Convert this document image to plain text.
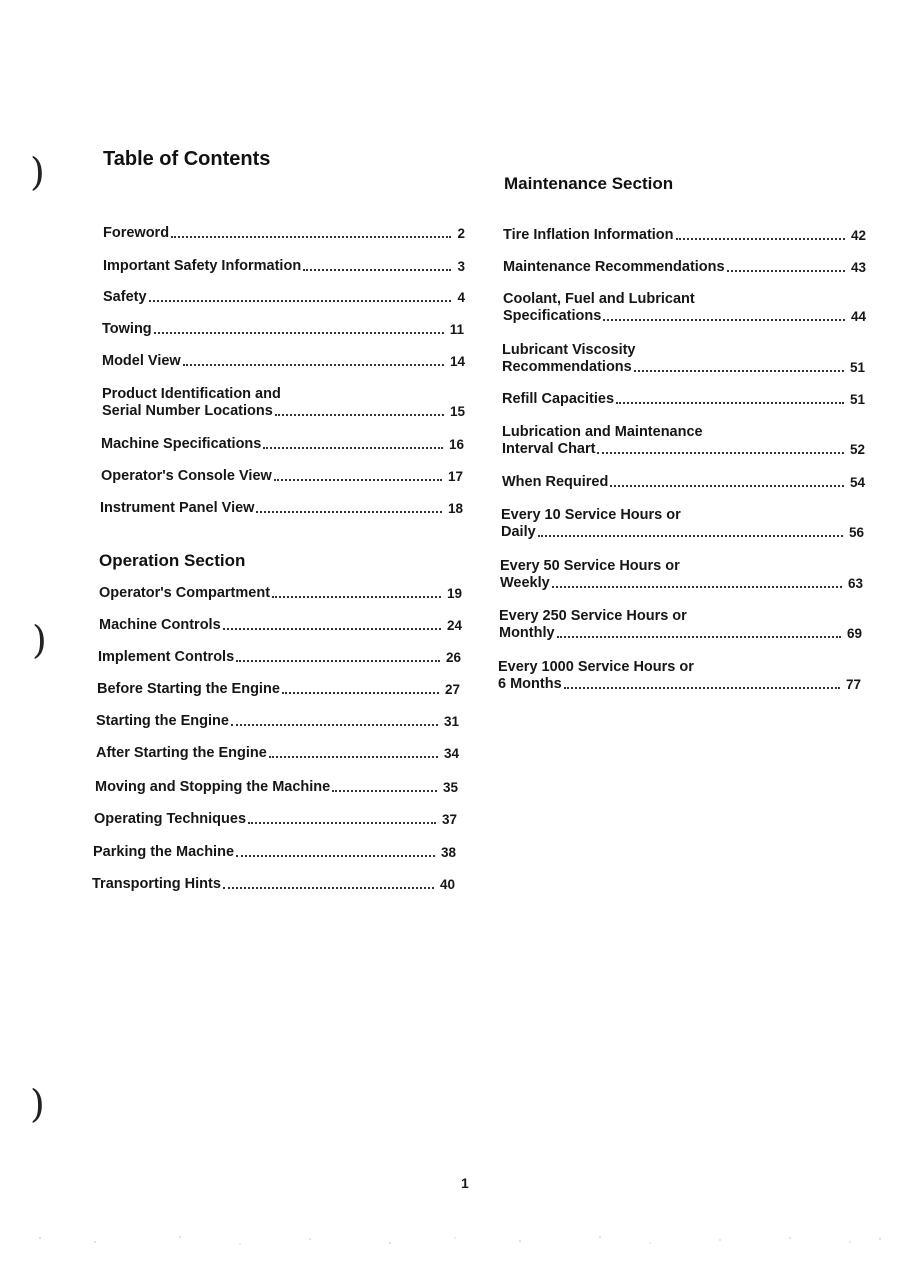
)
)
)
Table of Contents
Maintenance Section
Operation Section
Foreword	2
Important Safety Information	3
Safety	4
Towing	11
Model View	14
Product Identification and
Serial Number Locations	15
Machine Specifications	16
Operator's Console View	17
Instrument Panel View	18
Operator's Compartment	19
Machine Controls	24
Implement Controls	26
Before Starting the Engine	27
Starting the Engine	31
After Starting the Engine	34
Moving and Stopping the Machine	35
Operating Techniques	37
Parking the Machine	38
Transporting Hints	40
Tire Inflation Information	42
Maintenance Recommendations	43
Coolant, Fuel and Lubricant
Specifications	44
Lubricant Viscosity
Recommendations	51
Refill Capacities	51
Lubrication and Maintenance
Interval Chart	52
When Required	54
Every 10 Service Hours or
Daily	56
Every 50 Service Hours or
Weekly	63
Every 250 Service Hours or
Monthly	69
Every 1000 Service Hours or
6 Months	77
1
